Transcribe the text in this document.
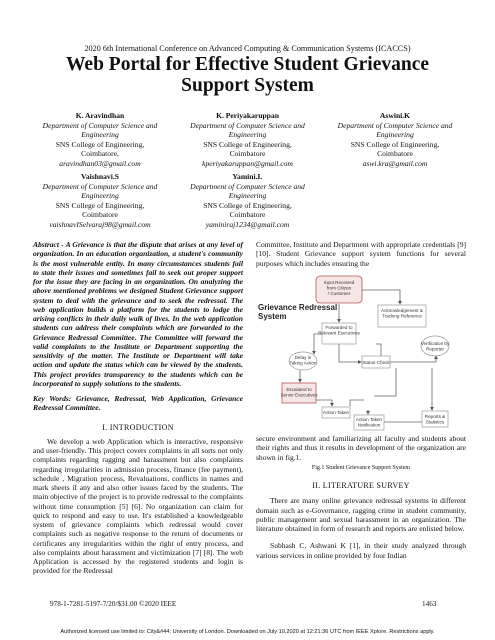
2020 6th International Conference on Advanced Computing & Communication Systems (ICACCS)
Web Portal for Effective Student Grievance
Support System
K. Aravindhan
Department of Computer Science and
Engineering
SNS College of Engineering,
Coimbatore,
aravindhan03@gmail.com
K. Periyakaruppan
Department of Computer Science and
Engineering
SNS College of Engineering,
Coimbatore
kperiyakaruppan@gmail.com
Aswini.K
Department of Computer Science and
Engineering
SNS College of Engineering,
Coimbatore
aswi.kra@gmail.com
Vaishnavi.S
Department of Computer Science and
Engineering
SNS College of Engineering,
Coimbatore
vaishnavISelvaraj98@gmail.com
Yamini.L
Department of Computer Science and
Engineering
SNS College of Engineering,
Coimbatore
yaminiraj1234@gmail.com
Abstract - A Grievance is that the dispute that arises at any level of organization. In an education organization, a student's community is the most vulnerable entity. In many circumstances students fail to state their issues and sometimes fail to seek out proper support for the issue they are facing in an organization. On analyzing the above mentioned problems we designed Student Grievance support system to deal with the grievance and to seek the redressal. The web application builds a platform for the students to lodge the arising conflicts in their daily walk of lives. In the web application students can address their complaints which are forwarded to the Grievance Redressal Committee. The Committee will forward the valid complaints to the Institute or Department supporting the sensitivity of the matter. The Institute or Department will take action and update the status which can be viewed by the students. This project provides transparency to the students which can be incorporated to supply solutions to the students.
Key Words: Grievance, Redressal, Web Application, Grievance Redressal Committee.
I. INTRODUCTION

We develop a web Application which is interactive, responsive and user-friendly. This project covers complaints in all sorts not only complaints regarding ragging and harassment but also complaints regarding irregularities in admission process, finance (fee payment), schedule , Migration process, Revaluations, conflicts in names and mark sheets if any and also other issues faced by the students. The main objective of the project is to provide redressal to the complaints without time consumption [5] [6]. No organization can claim for quick to respond and easy to use. It's established a knowledgeable system of grievance complaints which redressal would cover complaints such as negative response to the return of documents or certificates any irregularities within the right of entry process, and also complaints about harassment and victimization [7] [8]. The web Application is accessed by the registered students and login is provided for the Redressal

Committee, Institute and Department with appropriate credentials [9] [10]. Student Grievance support system functions for several purposes which includes ensuring the
Grievance Redressal
System
Input Received from Citizen / Customer
Acknowledgement & Tracking Reference
Forwarded to Relevant Executives
Delay in Taking Action	Status Check
Verification by Reporter
Escalated to Senior Executives
Action Taken
Action Taken Notification
Reports & Statistics
secure environment and familiarizing all faculty and students about their rights and thus it results in development of the organization are shown in fig.1.
Fig.1 Student Grievance Support System
II. LITERATURE SURVEY

There are many online grievance redressal systems in different domain such as e-Governance, ragging crime in student community, public management and sexual harassment in an organization. The literature obtained in form of research and reports are enlisted below.

Subhash C, Ashwani K [1], in their study analyzed through various services in online provided by four Indian

978-1-7281-5197-7/20/$31.00 ©2020 IEEE	1463
Authorized licensed use limited to: City&#44; University of London. Downloaded on July 10,2020 at 12:21:36 UTC from IEEE Xplore. Restrictions apply.
